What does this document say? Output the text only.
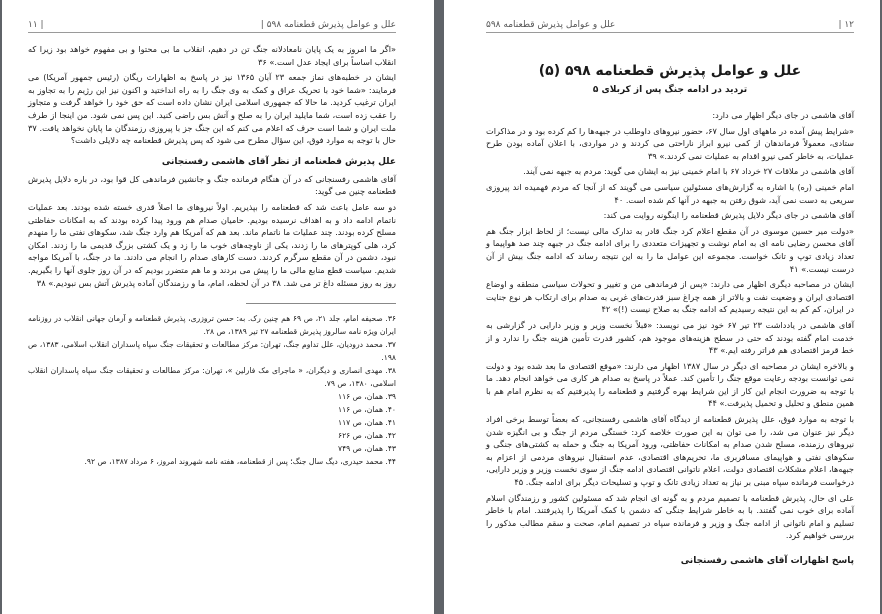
علل و عوامل پذیرش قطعنامه ۵۹۸ |
۱۱ |

«اگر ما امروز به یک پایان نامعادلانه جنگ تن در دهیم، انقلاب ما بی محتوا و بی مفهوم خواهد بود زیرا که انقلاب اساساً برای ایجاد عدل است.» ۳۶

ایشان در خطبه‌های نماز جمعه ۲۳ آبان ۱۳۶۵ نیز در پاسخ به اظهارات ریگان (رئیس جمهور آمریکا) می فرمایند: «شما خود با تحریک عراق و کمک به وی جنگ را به راه انداختید و اکنون نیز این رژیم را به تجاوز به ایران ترغیب کردید. ما حالا که جمهوری اسلامی ایران نشان داده است که حق خود را خواهد گرفت و متجاوز را عقب زده است، شما مایلید ایران را به صلح و آتش بس راضی کنید. این پس نمی شود. من اینجا از طرف ملت ایران و شما است حرف که اعلام می کنم که این جنگ جز با پیروزی رزمندگان ما پایان نخواهد یافت. ۳۷ حال با توجه به موارد فوق، این سؤال مطرح می شود که پس پذیرش قطعنامه چه دلایلی داشت؟

علل پذیرش قطعنامه از نظر آقای هاشمی رفسنجانی

آقای هاشمی رفسنجانی که در آن هنگام فرمانده جنگ و جانشین فرماندهی کل قوا بود، در باره دلایل پذیرش قطعنامه چنین می گوید:

دو سه عامل باعث شد که قطعنامه را بپذیریم. اولاً نیروهای ما اصلاً قدری خسته شده بودند. بعد عملیات ناتمام ادامه داد و به اهداف نرسیده بودیم. حامیان صدام هم ورود پیدا کرده بودند که به امکانات حفاظتی مسلح کرده بودند. چند عملیات ما ناتمام ماند. بعد هم که آمریکا هم وارد جنگ شد، سکوهای نفتی ما را منهدم کرد، هلی کوپترهای ما را زدند، یکی از ناوچه‌های خوب ما را زد و یک کشتی بزرگ قدیمی ما را زدند. امکان نبود، دشمن در آن مقطع سرگرم کردند. دست کارهای صدام را انجام می دادند. ما در جنگ، با آمریکا مواجه شدیم. سیاست قطع منابع مالی ما را پیش می بردند و ما هم متضرر بودیم که در آن روز جلوی آنها را بگیریم. روز به روز مسئله داغ تر می شد. ۳۸ در آن لحظه، امام، ما و رزمندگان آماده پذیرش آتش بس نبودیم.» ۳۸

۳۶. صحیفه امام، جلد ۲۱، ص ۶۹ هم چنین رک. به: حسن تروزری، پذیرش قطعنامه و آرمان جهانی انقلاب در روزنامه ایران ویژه نامه سالروز پذیرش قطعنامه ۲۷ تیر ۱۳۸۹، ص ۲۸.

۳۷. محمد درودیان، علل تداوم جنگ، تهران: مرکز مطالعات و تحقیقات جنگ سپاه پاسداران انقلاب اسلامی، ۱۳۸۳، ص ۱۹۸.

۳۸. مهدی انصاری و دیگران، « ماجرای مک فارلین »، تهران: مرکز مطالعات و تحقیقات جنگ سپاه پاسداران انقلاب اسلامی، ۱۳۸۰، ص ۷۹.

۳۹. همان، ص ۱۱۶

۴۰. همان، ص ۱۱۶

۴۱. همان، ص ۱۱۷

۴۲. همان، ص ۶۲۶

۴۳. همان، ص ۷۴۹

۴۴. محمد حیدری، دیگ سال جنگ؛ پس از قطعنامه، هفته نامه شهروند امروز، ۶ مرداد ۱۳۸۷، ص ۹۲.

| ۱۲
علل و عوامل پذیرش قطعنامه ۵۹۸
علل و عوامل پذیرش قطعنامه ۵۹۸ (۵)
تردید در ادامه جنگ پس از کربلای ۵

آقای هاشمی در جای دیگر اظهار می دارد:

«شرایط پیش آمده در ماههای اول سال ۶۷، حضور نیروهای داوطلب در جبهه‌ها را کم کرده بود و در مذاکرات ستادی، معمولاً فرماندهان از کمی نیرو ابراز ناراحتی می کردند و در مواردی، با اعلان آماده بودن طرح عملیات، به خاطر کمی نیرو اقدام به عملیات نمی کردند.» ۳۹

آقای هاشمی در ملاقات ۲۷ خرداد ۶۷ با امام خمینی نیز به ایشان می گوید: مردم به جبهه نمی آیند.

امام خمینی (ره) با اشاره به گزارش‌های مسئولین سیاسی می گویند که از آنجا که مردم فهمیده اند پیروزی سریعی به دست نمی آید، شوق رفتن به جبهه در آنها کم شده است. ۴۰

آقای هاشمی در جای دیگر دلایل پذیرش قطعنامه را اینگونه روایت می کند:

«دولت میر حسین موسوی در آن مقطع اعلام کرد جنگ قادر به تدارک مالی نیست؛ از لحاظ ابزار جنگ هم آقای محسن رضایی نامه ای به امام نوشت و تجهیزات متعددی را برای ادامه جنگ در جبهه چند صد هواپیما و تعداد زیادی توپ و تانک خواست. مجموعه این عوامل ما را به این نتیجه رساند که ادامه جنگ بیش از آن درست نیست.» ۴۱

ایشان در مصاحبه دیگری اظهار می دارند: «پس از فرماندهی من و تغییر و تحولات سیاسی منطقه و اوضاع اقتصادی ایران و وضعیت نفت و بالاتر از همه چراغ سبز قدرت‌های غربی به صدام برای ارتکاب هر نوع جنایت در ایران، کم کم به این نتیجه رسیدیم که ادامه جنگ به صلاح نیست (!)» ۴۲

آقای هاشمی در یادداشت ۲۳ تیر ۶۷ خود نیز می نویسد: «قبلاً نخست وزیر و وزیر دارایی در گزارشی به خدمت امام گفته بودند که حتی در سطح هزینه‌های موجود هم، کشور قدرت تأمین هزینه جنگ را ندارد و از خط قرمز اقتصادی هم فراتر رفته ایم.» ۴۳

و بالاخره ایشان در مصاحبه ای دیگر در سال ۱۳۸۷ اظهار می دارند: «موقع اقتصادی ما بعد شده بود و دولت نمی توانست بودجه رعایت موقع جنگ را تأمین کند. عملاً در پاسخ به صدام هر کاری می خواهد انجام دهد. ما با توجه به ضرورت انجام این کار از این شرایط بهره گرفتیم و قطعنامه را پذیرفتیم که به نظرم امام هم با همین منطق و تحلیل و تحمیل پذیرفت.» ۴۴

با توجه به موارد فوق، علل پذیرش قطعنامه از دیدگاه آقای هاشمی رفسنجانی، که بعضاً توسط برخی افراد دیگر نیز عنوان می شد، را می توان به این صورت خلاصه کرد: خستگی مردم از جنگ و بی انگیزه شدن نیروهای رزمنده، مسلح شدن صدام به امکانات حفاظتی، ورود آمریکا به جنگ و حمله به کشتی‌های جنگی و سکوهای نفتی و هواپیمای مسافربری ما، تحریم‌های اقتصادی، عدم استقبال نیروهای مردمی از اعزام به جبهه‌ها، اعلام مشکلات اقتصادی دولت، اعلام ناتوانی اقتصادی ادامه جنگ از سوی نخست وزیر و وزیر دارایی، درخواست فرمانده سپاه مبنی بر نیاز به تعداد زیادی تانک و توپ و تسلیحات دیگر برای ادامه جنگ. ۴۵

علی ای حال، پذیرش قطعنامه با تصمیم مردم و به گونه ای انجام شد که مسئولین کشور و رزمندگان اسلام آماده برای خوب نمی گفتند. با به خاطر شرایط جنگی که دشمن با کمک آمریکا را پذیرفتند. امام با خاطر تسلیم و امام ناتوانی از ادامه جنگ و وزیر و فرمانده سپاه در تصمیم امام، صحت و سقم مطالب مذکور را بررسی خواهیم کرد.

پاسخ اظهارات آقای هاشمی رفسنجانی
